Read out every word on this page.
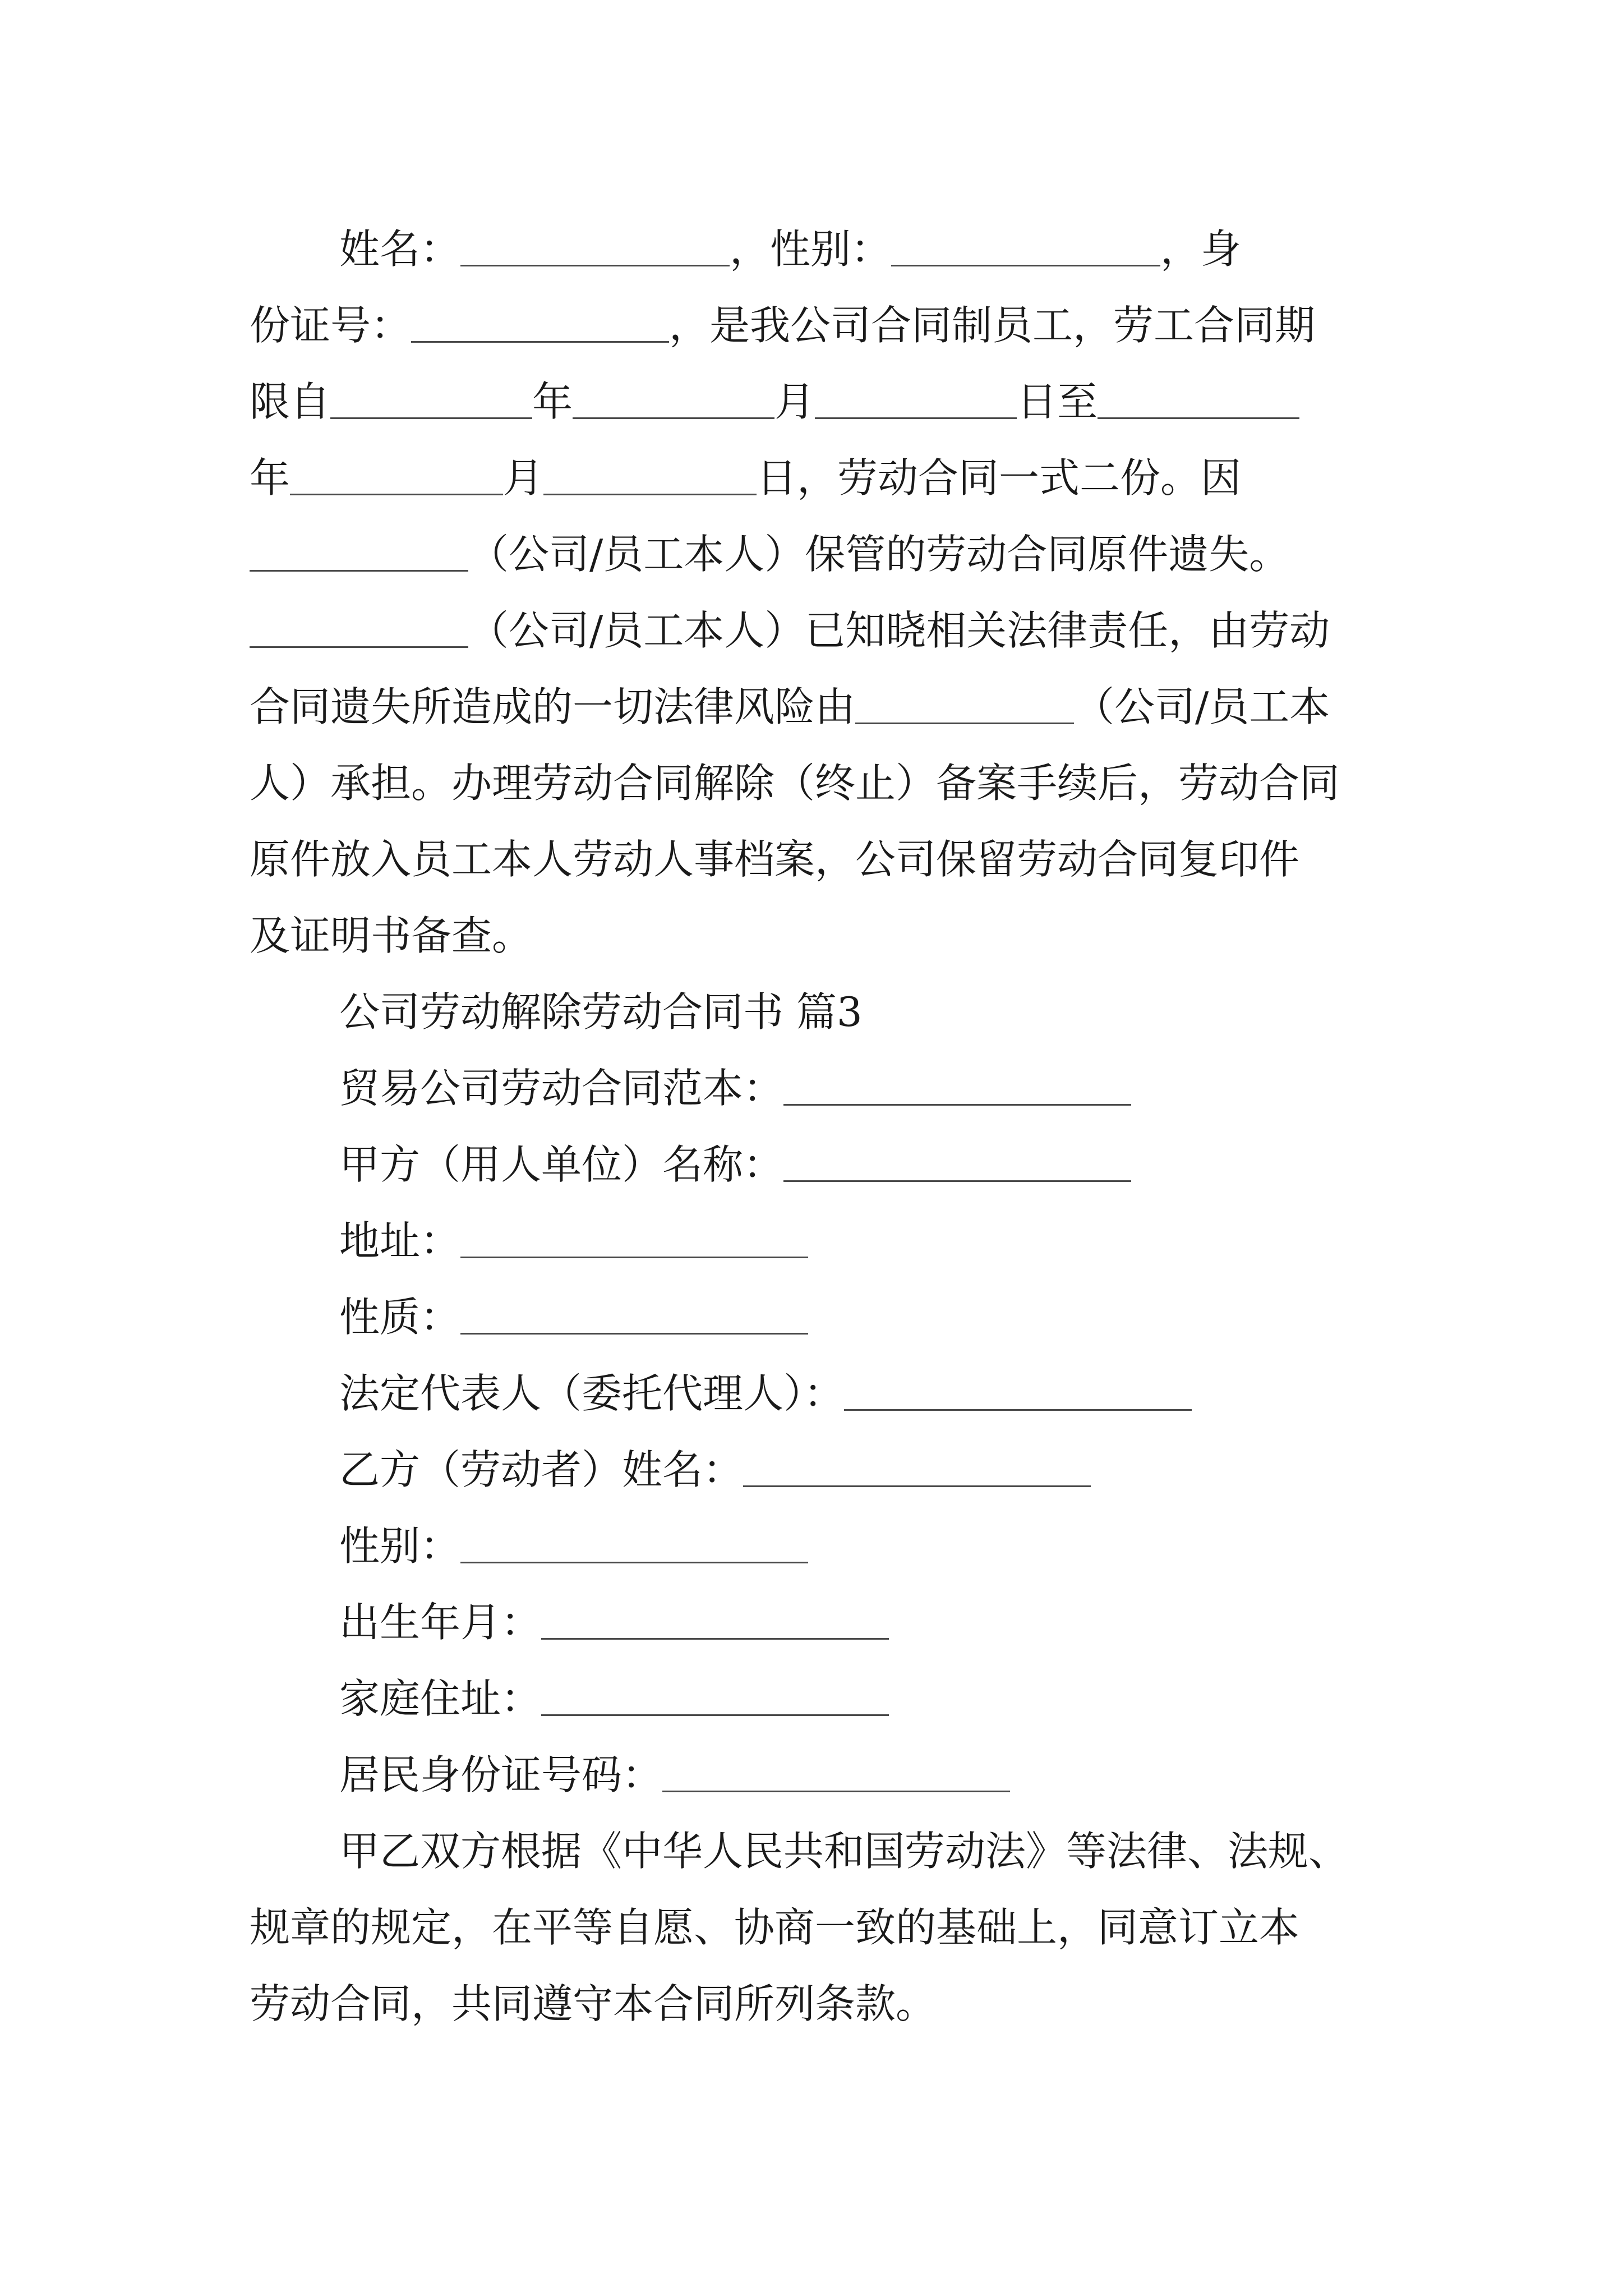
姓名：	，性别：	，身
份证号：	，是我公司合同制员工，劳工合同期
限自	年	月	日至
年	月	日，劳动合同一式二份。因
（公司/员工本人）保管的劳动合同原件遗失。
（公司/员工本人）已知晓相关法律责任，由劳动
合同遗失所造成的一切法律风险由	（公司/员工本
人）承担。办理劳动合同解除（终止）备案手续后，劳动合同
原件放入员工本人劳动人事档案，公司保留劳动合同复印件
及证明书备查。
公司劳动解除劳动合同书 篇3
贸易公司劳动合同范本：
甲方（用人单位）名称：
地址：
性质：
法定代表人（委托代理人）：
乙方（劳动者）姓名：
性别：
出生年月：
家庭住址：
居民身份证号码：
甲乙双方根据《中华人民共和国劳动法》等法律、法规、
规章的规定，在平等自愿、协商一致的基础上，同意订立本
劳动合同，共同遵守本合同所列条款。
